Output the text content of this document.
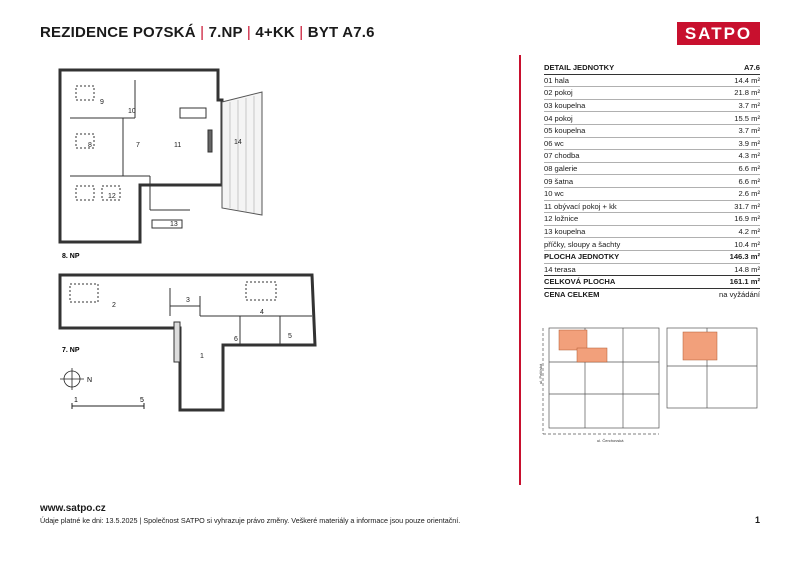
REZIDENCE PO7SKÁ | 7.NP | 4+KK | BYT A7.6	SATPO
8. NP
7. NP
9
10
8	7	11	14
12
13
2
3
4
6	5
1
N
1	5
DETAIL JEDNOTKY	A7.6
01 hala	14.4 m²
02 pokoj	21.8 m²
03 koupelna	3.7 m²
04 pokoj	15.5 m²
05 koupelna	3.7 m²
06 wc	3.9 m²
07 chodba	4.3 m²
08 galerie	6.6 m²
09 šatna	6.6 m²
10 wc	2.6 m²
11 obývací pokoj + kk	31.7 m²
12 ložnice	16.9 m²
13 koupelna	4.2 m²
příčky, sloupy a šachty	10.4 m²
PLOCHA JEDNOTKY	146.3 m²
14 terasa	14.8 m²
CELKOVÁ PLOCHA	161.1 m²
CENA CELKEM	na vyžádání
ul. Poličská
ul. Čerchovská
www.satpo.cz
Údaje platné ke dni: 13.5.2025 | Společnost SATPO si vyhrazuje právo změny. Veškeré materiály a informace jsou pouze orientační.	1
